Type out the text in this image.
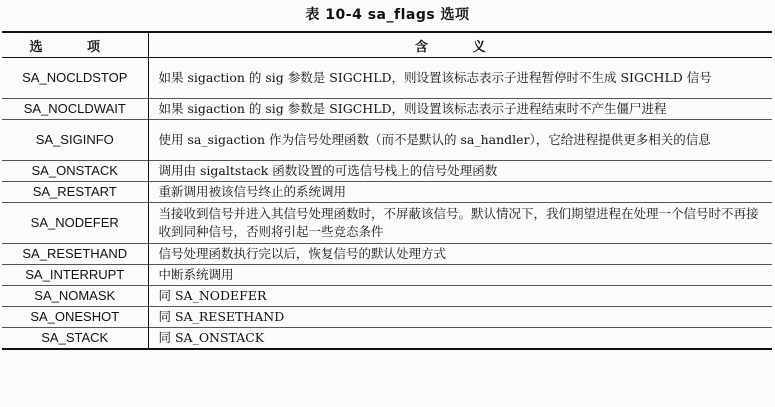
表 10-4 sa_flags 选项
选 项	含 义
SA_NOCLDSTOP	如果 sigaction 的 sig 参数是 SIGCHLD，则设置该标志表示子进程暂停时不生成 SIGCHLD 信号
SA_NOCLDWAIT	如果 sigaction 的 sig 参数是 SIGCHLD，则设置该标志表示子进程结束时不产生僵尸进程
SA_SIGINFO	使用 sa_sigaction 作为信号处理函数（而不是默认的 sa_handler），它给进程提供更多相关的信息
SA_ONSTACK	调用由 sigaltstack 函数设置的可选信号栈上的信号处理函数
SA_RESTART	重新调用被该信号终止的系统调用
SA_NODEFER	当接收到信号并进入其信号处理函数时，不屏蔽该信号。默认情况下，我们期望进程在处理一个信号时不再接收到同种信号，否则将引起一些竞态条件
SA_RESETHAND	信号处理函数执行完以后，恢复信号的默认处理方式
SA_INTERRUPT	中断系统调用
SA_NOMASK	同 SA_NODEFER
SA_ONESHOT	同 SA_RESETHAND
SA_STACK	同 SA_ONSTACK
